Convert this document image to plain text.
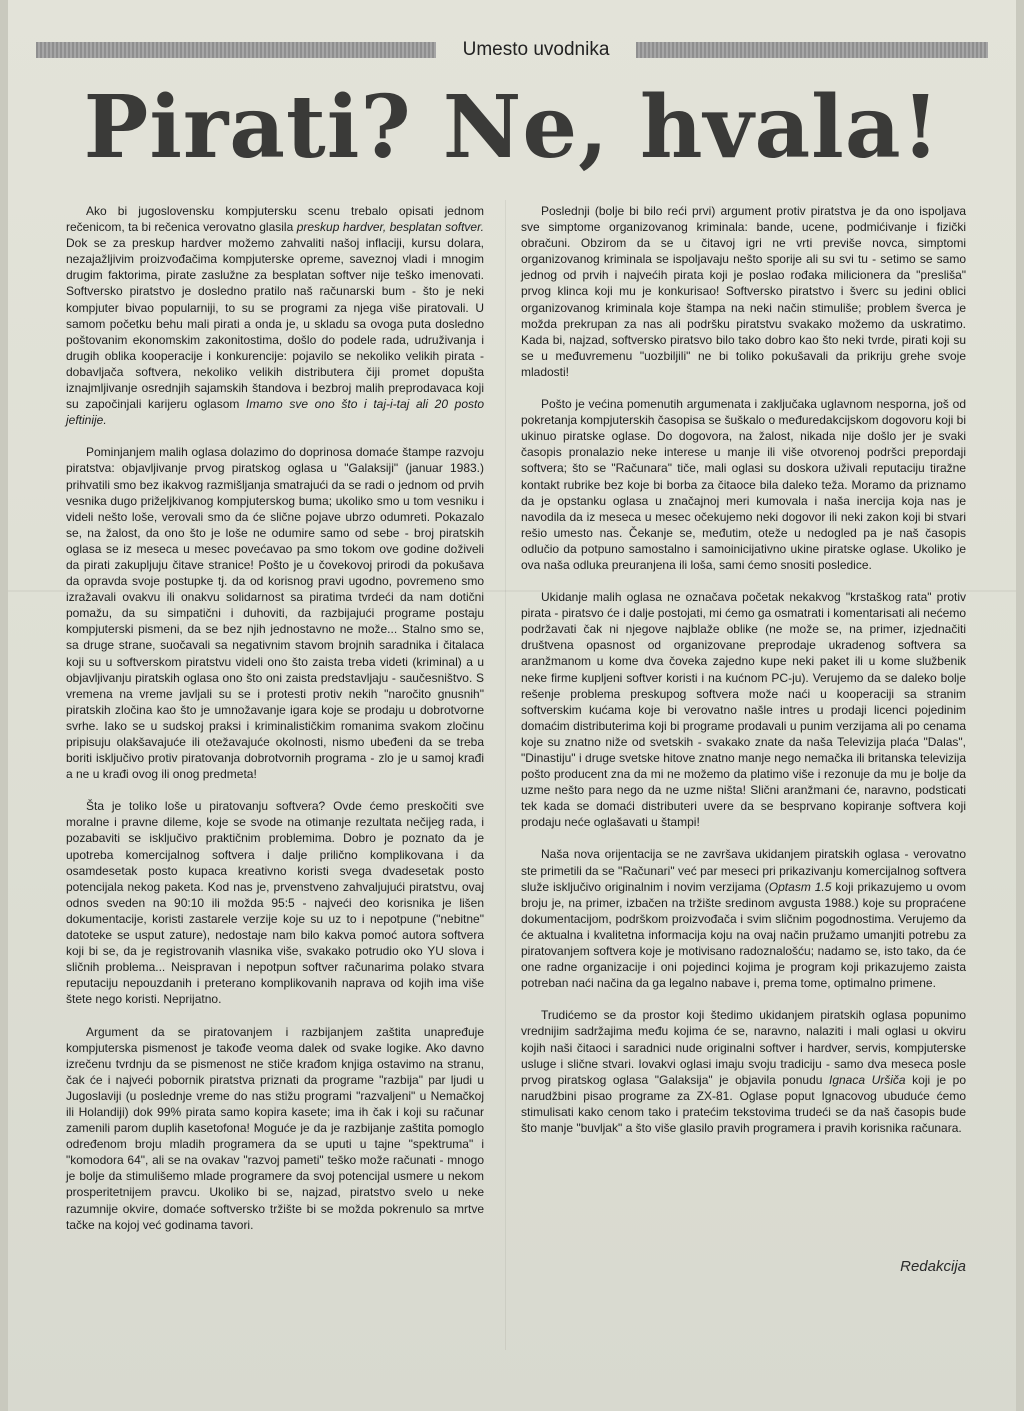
Umesto uvodnika
Pirati? Ne, hvala!

Ako bi jugoslovensku kompjutersku scenu trebalo opisati jednom rečenicom, ta bi rečenica verovatno glasila preskup hardver, besplatan softver. Dok se za preskup hardver možemo zahvaliti našoj inflaciji, kursu dolara, nezajažljivim proizvođačima kompjuterske opreme, saveznoj vladi i mnogim drugim faktorima, pirate zaslužne za besplatan softver nije teško imenovati. Softversko piratstvo je dosledno pratilo naš računarski bum - što je neki kompjuter bivao popularniji, to su se programi za njega više piratovali. U samom početku behu mali pirati a onda je, u skladu sa ovoga puta dosledno poštovanim ekonomskim zakonitostima, došlo do podele rada, udruživanja i drugih oblika kooperacije i konkurencije: pojavilo se nekoliko velikih pirata - dobavljača softvera, nekoliko velikih distributera čiji promet dopušta iznajmljivanje osrednjih sajamskih štandova i bezbroj malih preprodavaca koji su započinjali karijeru oglasom Imamo sve ono što i taj-i-taj ali 20 posto jeftinije.

Pominjanjem malih oglasa dolazimo do doprinosa domaće štampe razvoju piratstva: objavljivanje prvog piratskog oglasa u "Galaksiji" (januar 1983.) prihvatili smo bez ikakvog razmišljanja smatrajući da se radi o jednom od prvih vesnika dugo priželjkivanog kompjuterskog buma; ukoliko smo u tom vesniku i videli nešto loše, verovali smo da će slične pojave ubrzo odumreti. Pokazalo se, na žalost, da ono što je loše ne odumire samo od sebe - broj piratskih oglasa se iz meseca u mesec povećavao pa smo tokom ove godine doživeli da pirati zakupljuju čitave stranice! Pošto je u čovekovoj prirodi da pokušava da opravda svoje postupke tj. da od korisnog pravi ugodno, povremeno smo izražavali ovakvu ili onakvu solidarnost sa piratima tvrdeći da nam dotični pomažu, da su simpatični i duhoviti, da razbijajući programe postaju kompjuterski pismeni, da se bez njih jednostavno ne može... Stalno smo se, sa druge strane, suočavali sa negativnim stavom brojnih saradnika i čitalaca koji su u softverskom piratstvu videli ono što zaista treba videti (kriminal) a u objavljivanju piratskih oglasa ono što oni zaista predstavljaju - saučesništvo. S vremena na vreme javljali su se i protesti protiv nekih "naročito gnusnih" piratskih zločina kao što je umnožavanje igara koje se prodaju u dobrotvorne svrhe. Iako se u sudskoj praksi i kriminalističkim romanima svakom zločinu pripisuju olakšavajuće ili otežavajuće okolnosti, nismo ubeđeni da se treba boriti isključivo protiv piratovanja dobrotvornih programa - zlo je u samoj krađi a ne u krađi ovog ili onog predmeta!

Šta je toliko loše u piratovanju softvera? Ovde ćemo preskočiti sve moralne i pravne dileme, koje se svode na otimanje rezultata nečijeg rada, i pozabaviti se isključivo praktičnim problemima. Dobro je poznato da je upotreba komercijalnog softvera i dalje prilično komplikovana i da osamdesetak posto kupaca kreativno koristi svega dvadesetak posto potencijala nekog paketa. Kod nas je, prvenstveno zahvaljujući piratstvu, ovaj odnos sveden na 90:10 ili možda 95:5 - najveći deo korisnika je lišen dokumentacije, koristi zastarele verzije koje su uz to i nepotpune ("nebitne" datoteke se usput zature), nedostaje nam bilo kakva pomoć autora softvera koji bi se, da je registrovanih vlasnika više, svakako potrudio oko YU slova i sličnih problema... Neispravan i nepotpun softver računarima polako stvara reputaciju nepouzdanih i preterano komplikovanih naprava od kojih ima više štete nego koristi. Neprijatno.

Argument da se piratovanjem i razbijanjem zaštita unapređuje kompjuterska pismenost je takođe veoma dalek od svake logike. Ako davno izrečenu tvrdnju da se pismenost ne stiče krađom knjiga ostavimo na stranu, čak će i najveći pobornik piratstva priznati da programe "razbija" par ljudi u Jugoslaviji (u poslednje vreme do nas stižu programi "razvaljeni" u Nemačkoj ili Holandiji) dok 99% pirata samo kopira kasete; ima ih čak i koji su računar zamenili parom duplih kasetofona! Moguće je da je razbijanje zaštita pomoglo određenom broju mladih programera da se uputi u tajne "spektruma" i "komodora 64", ali se na ovakav "razvoj pameti" teško može računati - mnogo je bolje da stimulišemo mlade programere da svoj potencijal usmere u nekom prosperitetnijem pravcu. Ukoliko bi se, najzad, piratstvo svelo u neke razumnije okvire, domaće softversko tržište bi se možda pokrenulo sa mrtve tačke na kojoj već godinama tavori.

Poslednji (bolje bi bilo reći prvi) argument protiv piratstva je da ono ispoljava sve simptome organizovanog kriminala: bande, ucene, podmićivanje i fizički obračuni. Obzirom da se u čitavoj igri ne vrti previše novca, simptomi organizovanog kriminala se ispoljavaju nešto sporije ali su svi tu - setimo se samo jednog od prvih i najvećih pirata koji je poslao rođaka milicionera da "presliša" prvog klinca koji mu je konkurisao! Softversko piratstvo i šverc su jedini oblici organizovanog kriminala koje štampa na neki način stimuliše; problem šverca je možda prekrupan za nas ali podršku piratstvu svakako možemo da uskratimo. Kada bi, najzad, softversko piratsvo bilo tako dobro kao što neki tvrde, pirati koji su se u međuvremenu "uozbiljili" ne bi toliko pokušavali da prikriju grehe svoje mladosti!

Pošto je većina pomenutih argumenata i zaključaka uglavnom nesporna, još od pokretanja kompjuterskih časopisa se šuškalo o međuredakcijskom dogovoru koji bi ukinuo piratske oglase. Do dogovora, na žalost, nikada nije došlo jer je svaki časopis pronalazio neke interese u manje ili više otvorenoj podršci prepordaji softvera; što se "Računara" tiče, mali oglasi su doskora uživali reputaciju tiražne kontakt rubrike bez koje bi borba za čitaoce bila daleko teža. Moramo da priznamo da je opstanku oglasa u značajnoj meri kumovala i naša inercija koja nas je navodila da iz meseca u mesec očekujemo neki dogovor ili neki zakon koji bi stvari rešio umesto nas. Čekanje se, međutim, oteže u nedogled pa je naš časopis odlučio da potpuno samostalno i samoinicijativno ukine piratske oglase. Ukoliko je ova naša odluka preuranjena ili loša, sami ćemo snositi posledice.

Ukidanje malih oglasa ne označava početak nekakvog "krstaškog rata" protiv pirata - piratsvo će i dalje postojati, mi ćemo ga osmatrati i komentarisati ali nećemo podržavati čak ni njegove najblaže oblike (ne može se, na primer, izjednačiti društvena opasnost od organizovane preprodaje ukradenog softvera sa aranžmanom u kome dva čoveka zajedno kupe neki paket ili u kome službenik neke firme kupljeni softver koristi i na kućnom PC-ju). Verujemo da se daleko bolje rešenje problema preskupog softvera može naći u kooperaciji sa stranim softverskim kućama koje bi verovatno našle intres u prodaji licenci pojedinim domaćim distributerima koji bi programe prodavali u punim verzijama ali po cenama koje su znatno niže od svetskih - svakako znate da naša Televizija plaća "Dalas", "Dinastiju" i druge svetske hitove znatno manje nego nemačka ili britanska televizija pošto producent zna da mi ne možemo da platimo više i rezonuje da mu je bolje da uzme nešto para nego da ne uzme ništa! Slični aranžmani će, naravno, podsticati tek kada se domaći distributeri uvere da se besprvano kopiranje softvera koji prodaju neće oglašavati u štampi!

Naša nova orijentacija se ne završava ukidanjem piratskih oglasa - verovatno ste primetili da se "Računari" već par meseci pri prikazivanju komercijalnog softvera služe isključivo originalnim i novim verzijama (Optasm 1.5 koji prikazujemo u ovom broju je, na primer, izbačen na tržište sredinom avgusta 1988.) koje su propraćene dokumentacijom, podrškom proizvođača i svim sličnim pogodnostima. Verujemo da će aktualna i kvalitetna informacija koju na ovaj način pružamo umanjiti potrebu za piratovanjem softvera koje je motivisano radoznalošću; nadamo se, isto tako, da će one radne organizacije i oni pojedinci kojima je program koji prikazujemo zaista potreban naći načina da ga legalno nabave i, prema tome, optimalno primene.

Trudićemo se da prostor koji štedimo ukidanjem piratskih oglasa popunimo vrednijim sadržajima među kojima će se, naravno, nalaziti i mali oglasi u okviru kojih naši čitaoci i saradnici nude originalni softver i hardver, servis, kompjuterske usluge i slične stvari. Iovakvi oglasi imaju svoju tradiciju - samo dva meseca posle prvog piratskog oglasa "Galaksija" je objavila ponudu Ignaca Uršiča koji je po narudžbini pisao programe za ZX-81. Oglase poput Ignacovog ubuduće ćemo stimulisati kako cenom tako i pratećim tekstovima trudeći se da naš časopis bude što manje "buvljak" a što više glasilo pravih programera i pravih korisnika računara.

Redakcija
